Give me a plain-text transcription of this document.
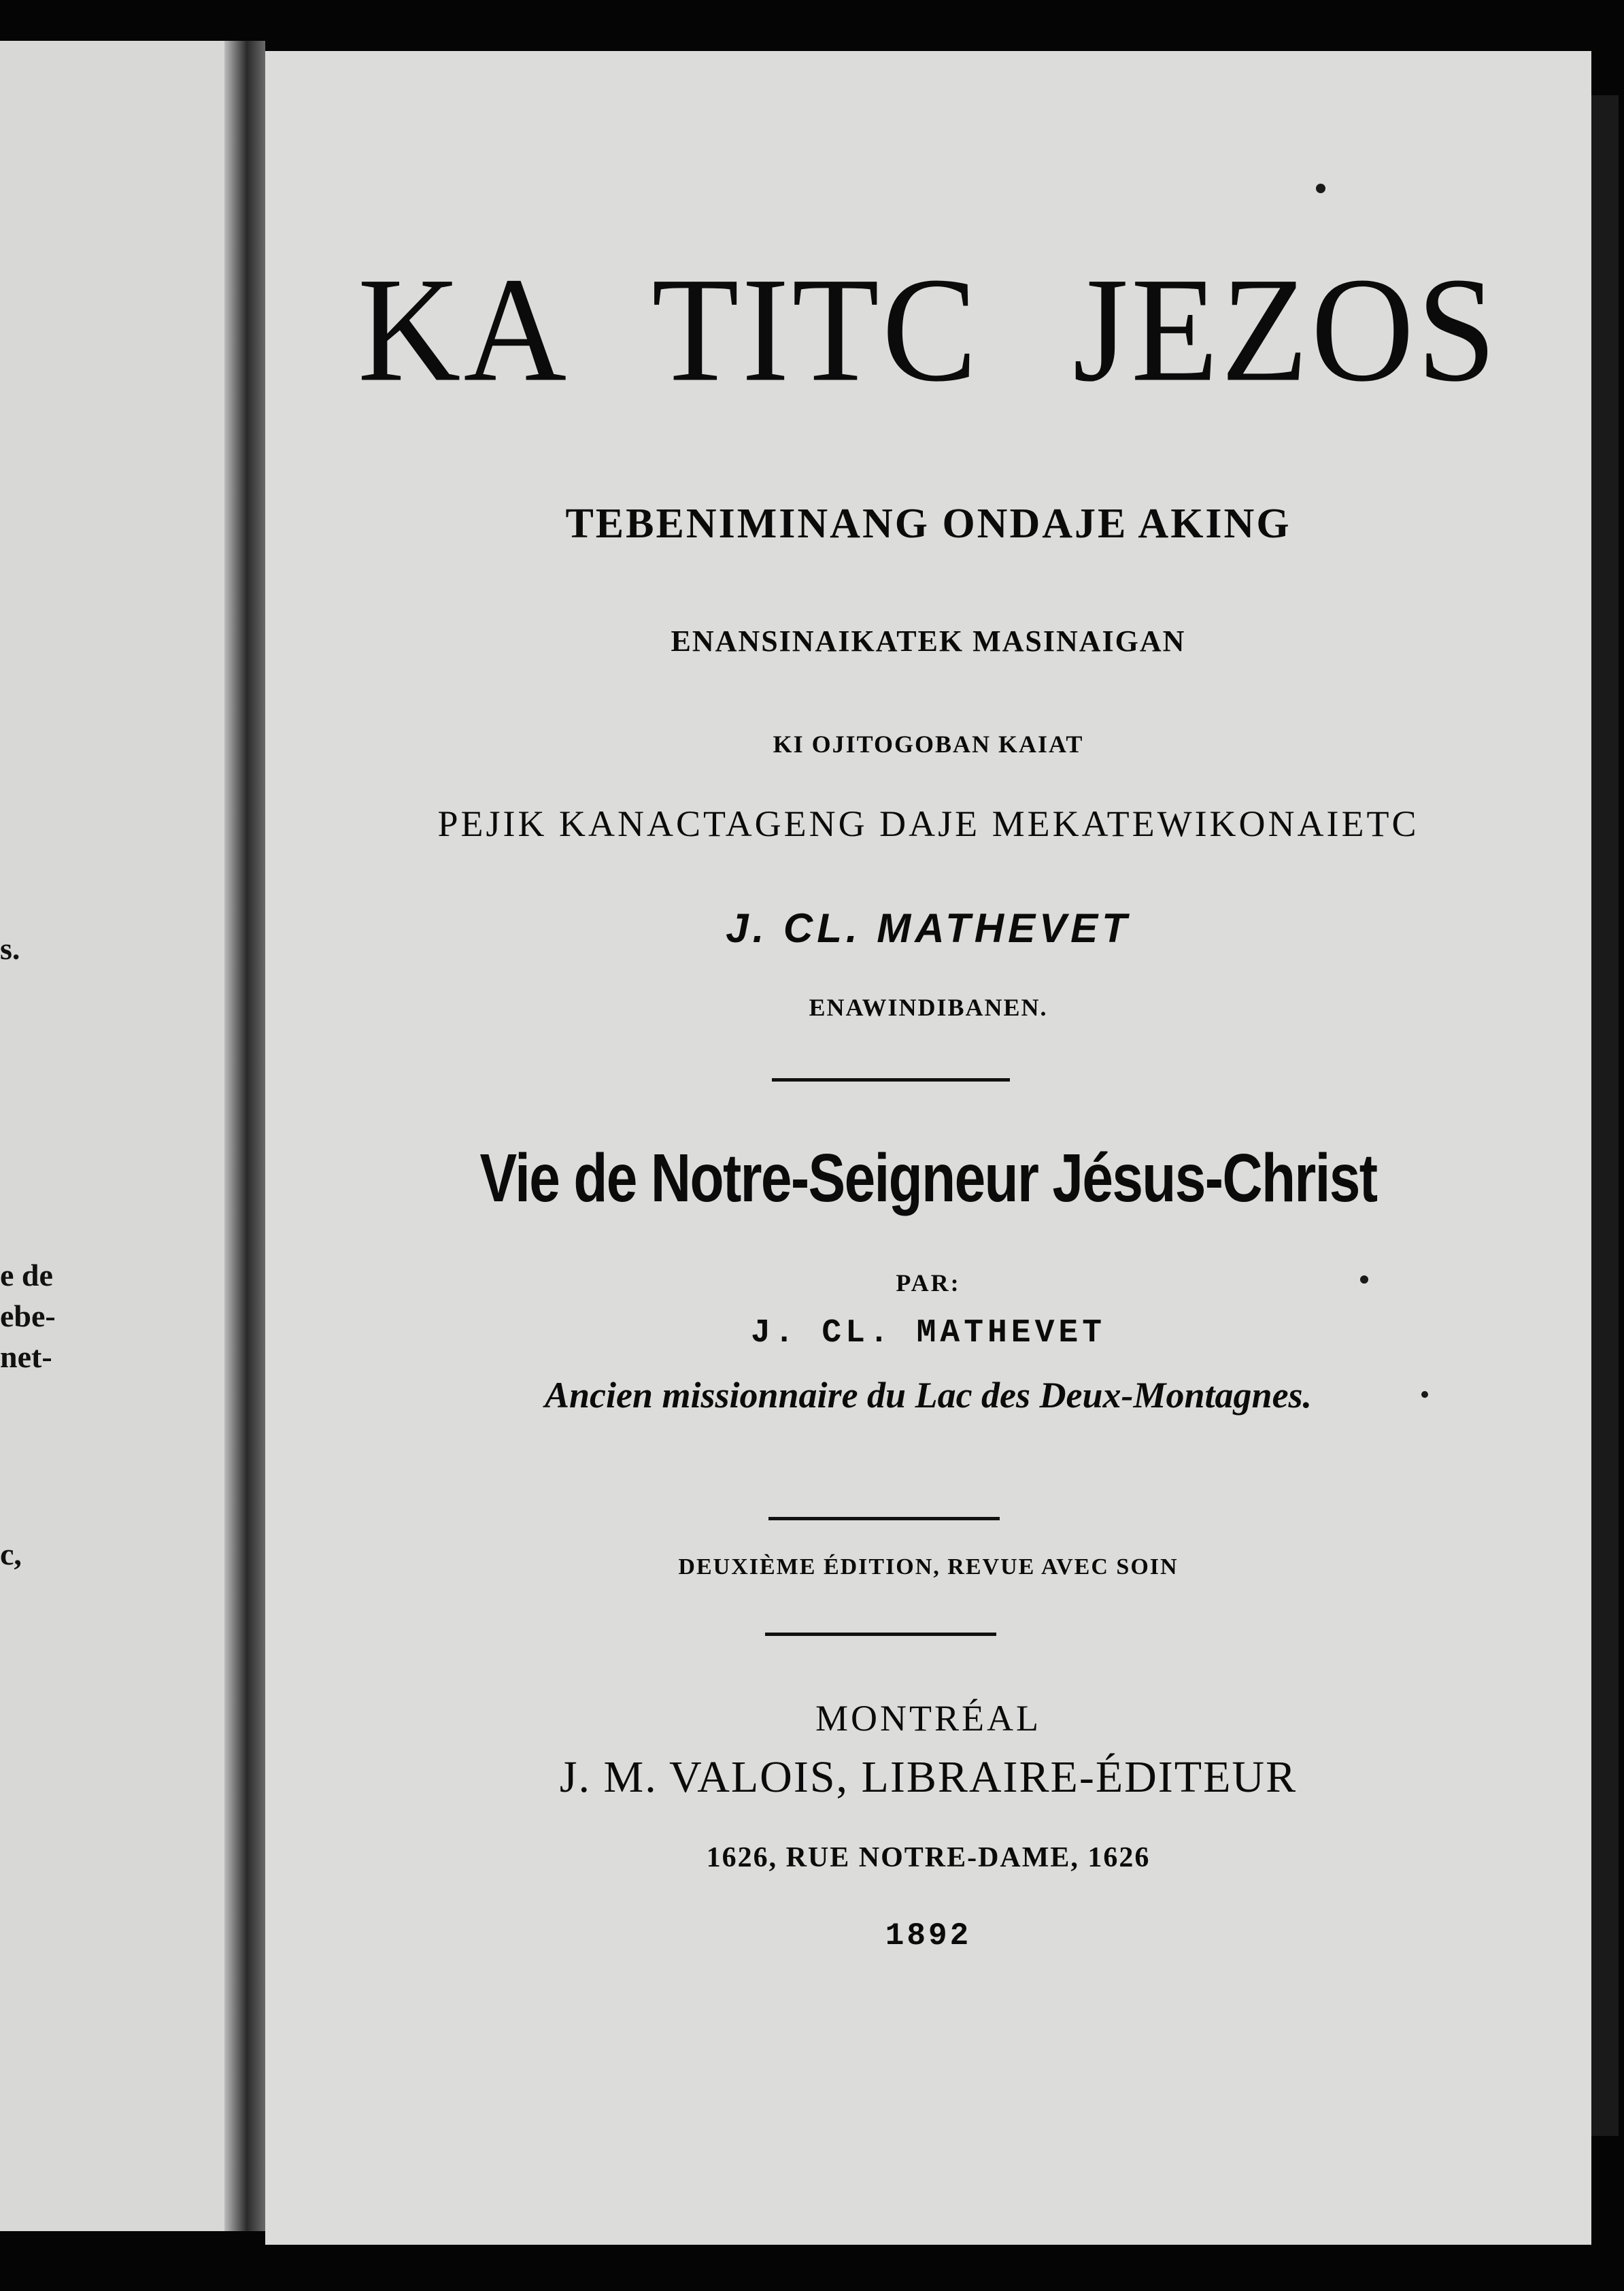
s.
e de
ebe-
net-
c,
KA TITC JEZOS
TEBENIMINANG ONDAJE AKING
ENANSINAIKATEK MASINAIGAN
KI OJITOGOBAN KAIAT
PEJIK KANACTAGENG DAJE MEKATEWIKONAIETC
J. CL. MATHEVET
ENAWINDIBANEN.
Vie de Notre-Seigneur Jésus-Christ
PAR:
J. CL. MATHEVET
Ancien missionnaire du Lac des Deux-Montagnes.
DEUXIÈME ÉDITION, REVUE AVEC SOIN
MONTRÉAL
J. M. VALOIS, LIBRAIRE-ÉDITEUR
1626, RUE NOTRE-DAME, 1626
1892
